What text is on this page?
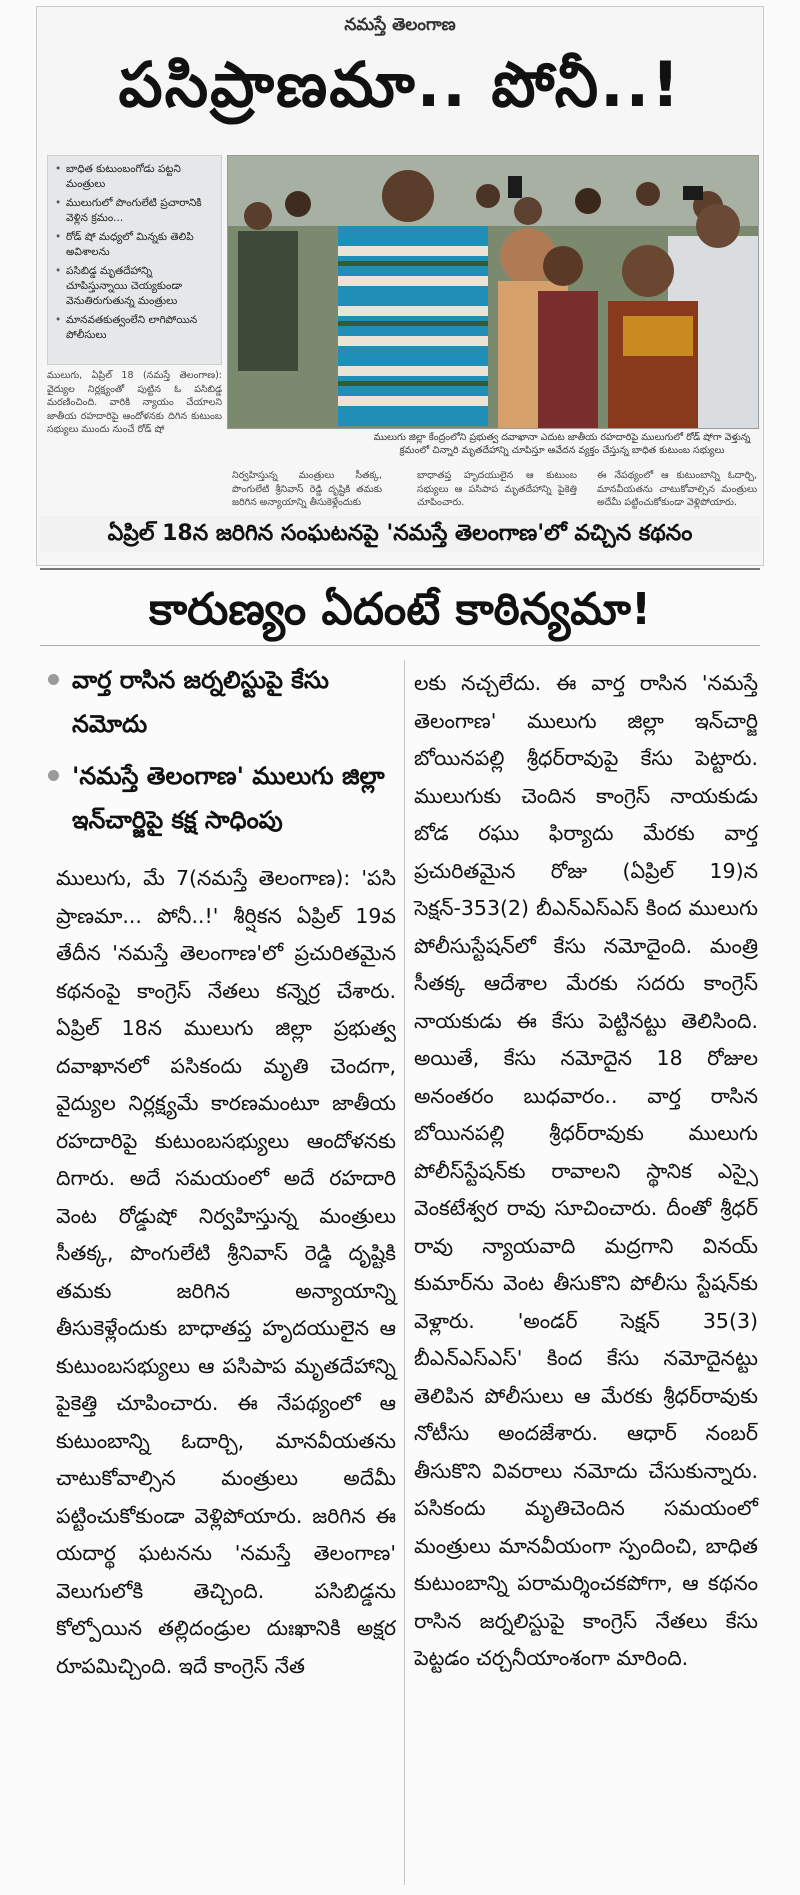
నమస్తే తెలంగాణ
పసిప్రాణమా.. పోనీ..!
• బాధిత కుటుంబంగోడు పట్టని మంత్రులు
• ములుగులో పొంగులేటి ప్రచారానికి వెళ్లిన క్రమం...
• రోడ్ షో మధ్యలో మిన్నకు తెలిపి అవిశాలను
• పసిబిడ్డ మృతదేహాన్ని చూపిస్తున్నాయి చెయ్యకుండా వెనుతిరుగుతున్న మంత్రులు
• మానవతకుత్వంలేని లాగిపోయిన పోలీసులు
ములుగు జిల్లా కేంద్రంలోని ప్రభుత్వ దవాఖానా ఎదుట జాతీయ రహదారిపై ములుగులో రోడ్ షోగా వెళ్తున్న క్రమంలో చిన్నారి మృతదేహాన్ని చూపిస్తూ ఆవేదన వ్యక్తం చేస్తున్న బాధిత కుటుంబ సభ్యులు
ములుగు, ఏప్రిల్ 18 (నమస్తే తెలంగాణ): వైద్యుల నిర్లక్ష్యంతో పుట్టిన ఓ పసిబిడ్డ మరణించింది. వారికి న్యాయం చేయాలని జాతీయ రహదారిపై ఆందోళనకు దిగిన కుటుంబ సభ్యులు ముందు నుంచే రోడ్ షో
నిర్వహిస్తున్న మంత్రులు సీతక్క, పొంగులేటి శ్రీనివాస్ రెడ్డి దృష్టికి తమకు జరిగిన అన్యాయాన్ని తీసుకెళ్లేందుకు
బాధాతప్త హృదయులైన ఆ కుటుంబ సభ్యులు ఆ పసిపాప మృతదేహాన్ని పైకెత్తి చూపించారు.
ఈ నేపథ్యంలో ఆ కుటుంబాన్ని ఓదార్చి, మానవీయతను చాటుకోవాల్సిన మంత్రులు అదేమీ పట్టించుకోకుండా వెళ్లిపోయారు.
ఏప్రిల్ 18న జరిగిన సంఘటనపై 'నమస్తే తెలంగాణ'లో వచ్చిన కథనం
కారుణ్యం ఏదంటే కాఠిన్యమా!
వార్త రాసిన జర్నలిస్టుపై కేసు నమోదు
'నమస్తే తెలంగాణ' ములుగు జిల్లా ఇన్‌చార్జిపై కక్ష సాధింపు
ములుగు, మే 7(నమస్తే తెలంగాణ): 'పసి ప్రాణమా... పోనీ..!' శీర్షికన ఏప్రిల్ 19వ తేదీన 'నమస్తే తెలంగాణ'లో ప్రచురితమైన కథనంపై కాంగ్రెస్ నేతలు కన్నెర్ర చేశారు. ఏప్రిల్ 18న ములుగు జిల్లా ప్రభుత్వ దవాఖానలో పసికందు మృతి చెందగా, వైద్యుల నిర్లక్ష్యమే కారణమంటూ జాతీయ రహదారిపై కుటుంబసభ్యులు ఆందోళనకు దిగారు. అదే సమయంలో అదే రహదారి వెంట రోడ్డుషో నిర్వహిస్తున్న మంత్రులు సీతక్క, పొంగులేటి శ్రీనివాస్ రెడ్డి దృష్టికి తమకు జరిగిన అన్యాయాన్ని తీసుకెళ్లేందుకు బాధాతప్త హృదయులైన ఆ కుటుంబసభ్యులు ఆ పసిపాప మృతదేహాన్ని పైకెత్తి చూపించారు. ఈ నేపథ్యంలో ఆ కుటుంబాన్ని ఓదార్చి, మానవీయతను చాటుకోవాల్సిన మంత్రులు అదేమీ పట్టించుకోకుండా వెళ్లిపోయారు. జరిగిన ఈ యదార్థ ఘటనను 'నమస్తే తెలంగాణ' వెలుగులోకి తెచ్చింది. పసిబిడ్డను కోల్పోయిన తల్లిదండ్రుల దుఃఖానికి అక్షర రూపమిచ్చింది. ఇదే కాంగ్రెస్ నేత
లకు నచ్చలేదు. ఈ వార్త రాసిన 'నమస్తే తెలంగాణ' ములుగు జిల్లా ఇన్‌చార్జి బోయినపల్లి శ్రీధర్‌రావుపై కేసు పెట్టారు. ములుగుకు చెందిన కాంగ్రెస్ నాయకుడు బోడ రఘు ఫిర్యాదు మేరకు వార్త ప్రచురితమైన రోజు (ఏప్రిల్ 19)న సెక్షన్-353(2) బీఎన్ఎస్ఎస్ కింద ములుగు పోలీసుస్టేషన్‌లో కేసు నమోదైంది. మంత్రి సీతక్క ఆదేశాల మేరకు సదరు కాంగ్రెస్ నాయకుడు ఈ కేసు పెట్టినట్టు తెలిసింది. అయితే, కేసు నమోదైన 18 రోజుల అనంతరం బుధవారం.. వార్త రాసిన బోయినపల్లి శ్రీధర్‌రావుకు ములుగు పోలీస్‌స్టేషన్‌కు రావాలని స్థానిక ఎస్సై వెంకటేశ్వర రావు సూచించారు. దీంతో శ్రీధర్ రావు న్యాయవాది మద్రగాని వినయ్ కుమార్‌ను వెంట తీసుకొని పోలీసు స్టేషన్‌కు వెళ్లారు. 'అండర్ సెక్షన్ 35(3) బీఎన్ఎస్ఎస్' కింద కేసు నమోదైనట్టు తెలిపిన పోలీసులు ఆ మేరకు శ్రీధర్‌రావుకు నోటీసు అందజేశారు. ఆధార్ నంబర్ తీసుకొని వివరాలు నమోదు చేసుకున్నారు. పసికందు మృతిచెందిన సమయంలో మంత్రులు మానవీయంగా స్పందించి, బాధిత కుటుంబాన్ని పరామర్శించకపోగా, ఆ కథనం రాసిన జర్నలిస్టుపై కాంగ్రెస్ నేతలు కేసు పెట్టడం చర్చనీయాంశంగా మారింది.
